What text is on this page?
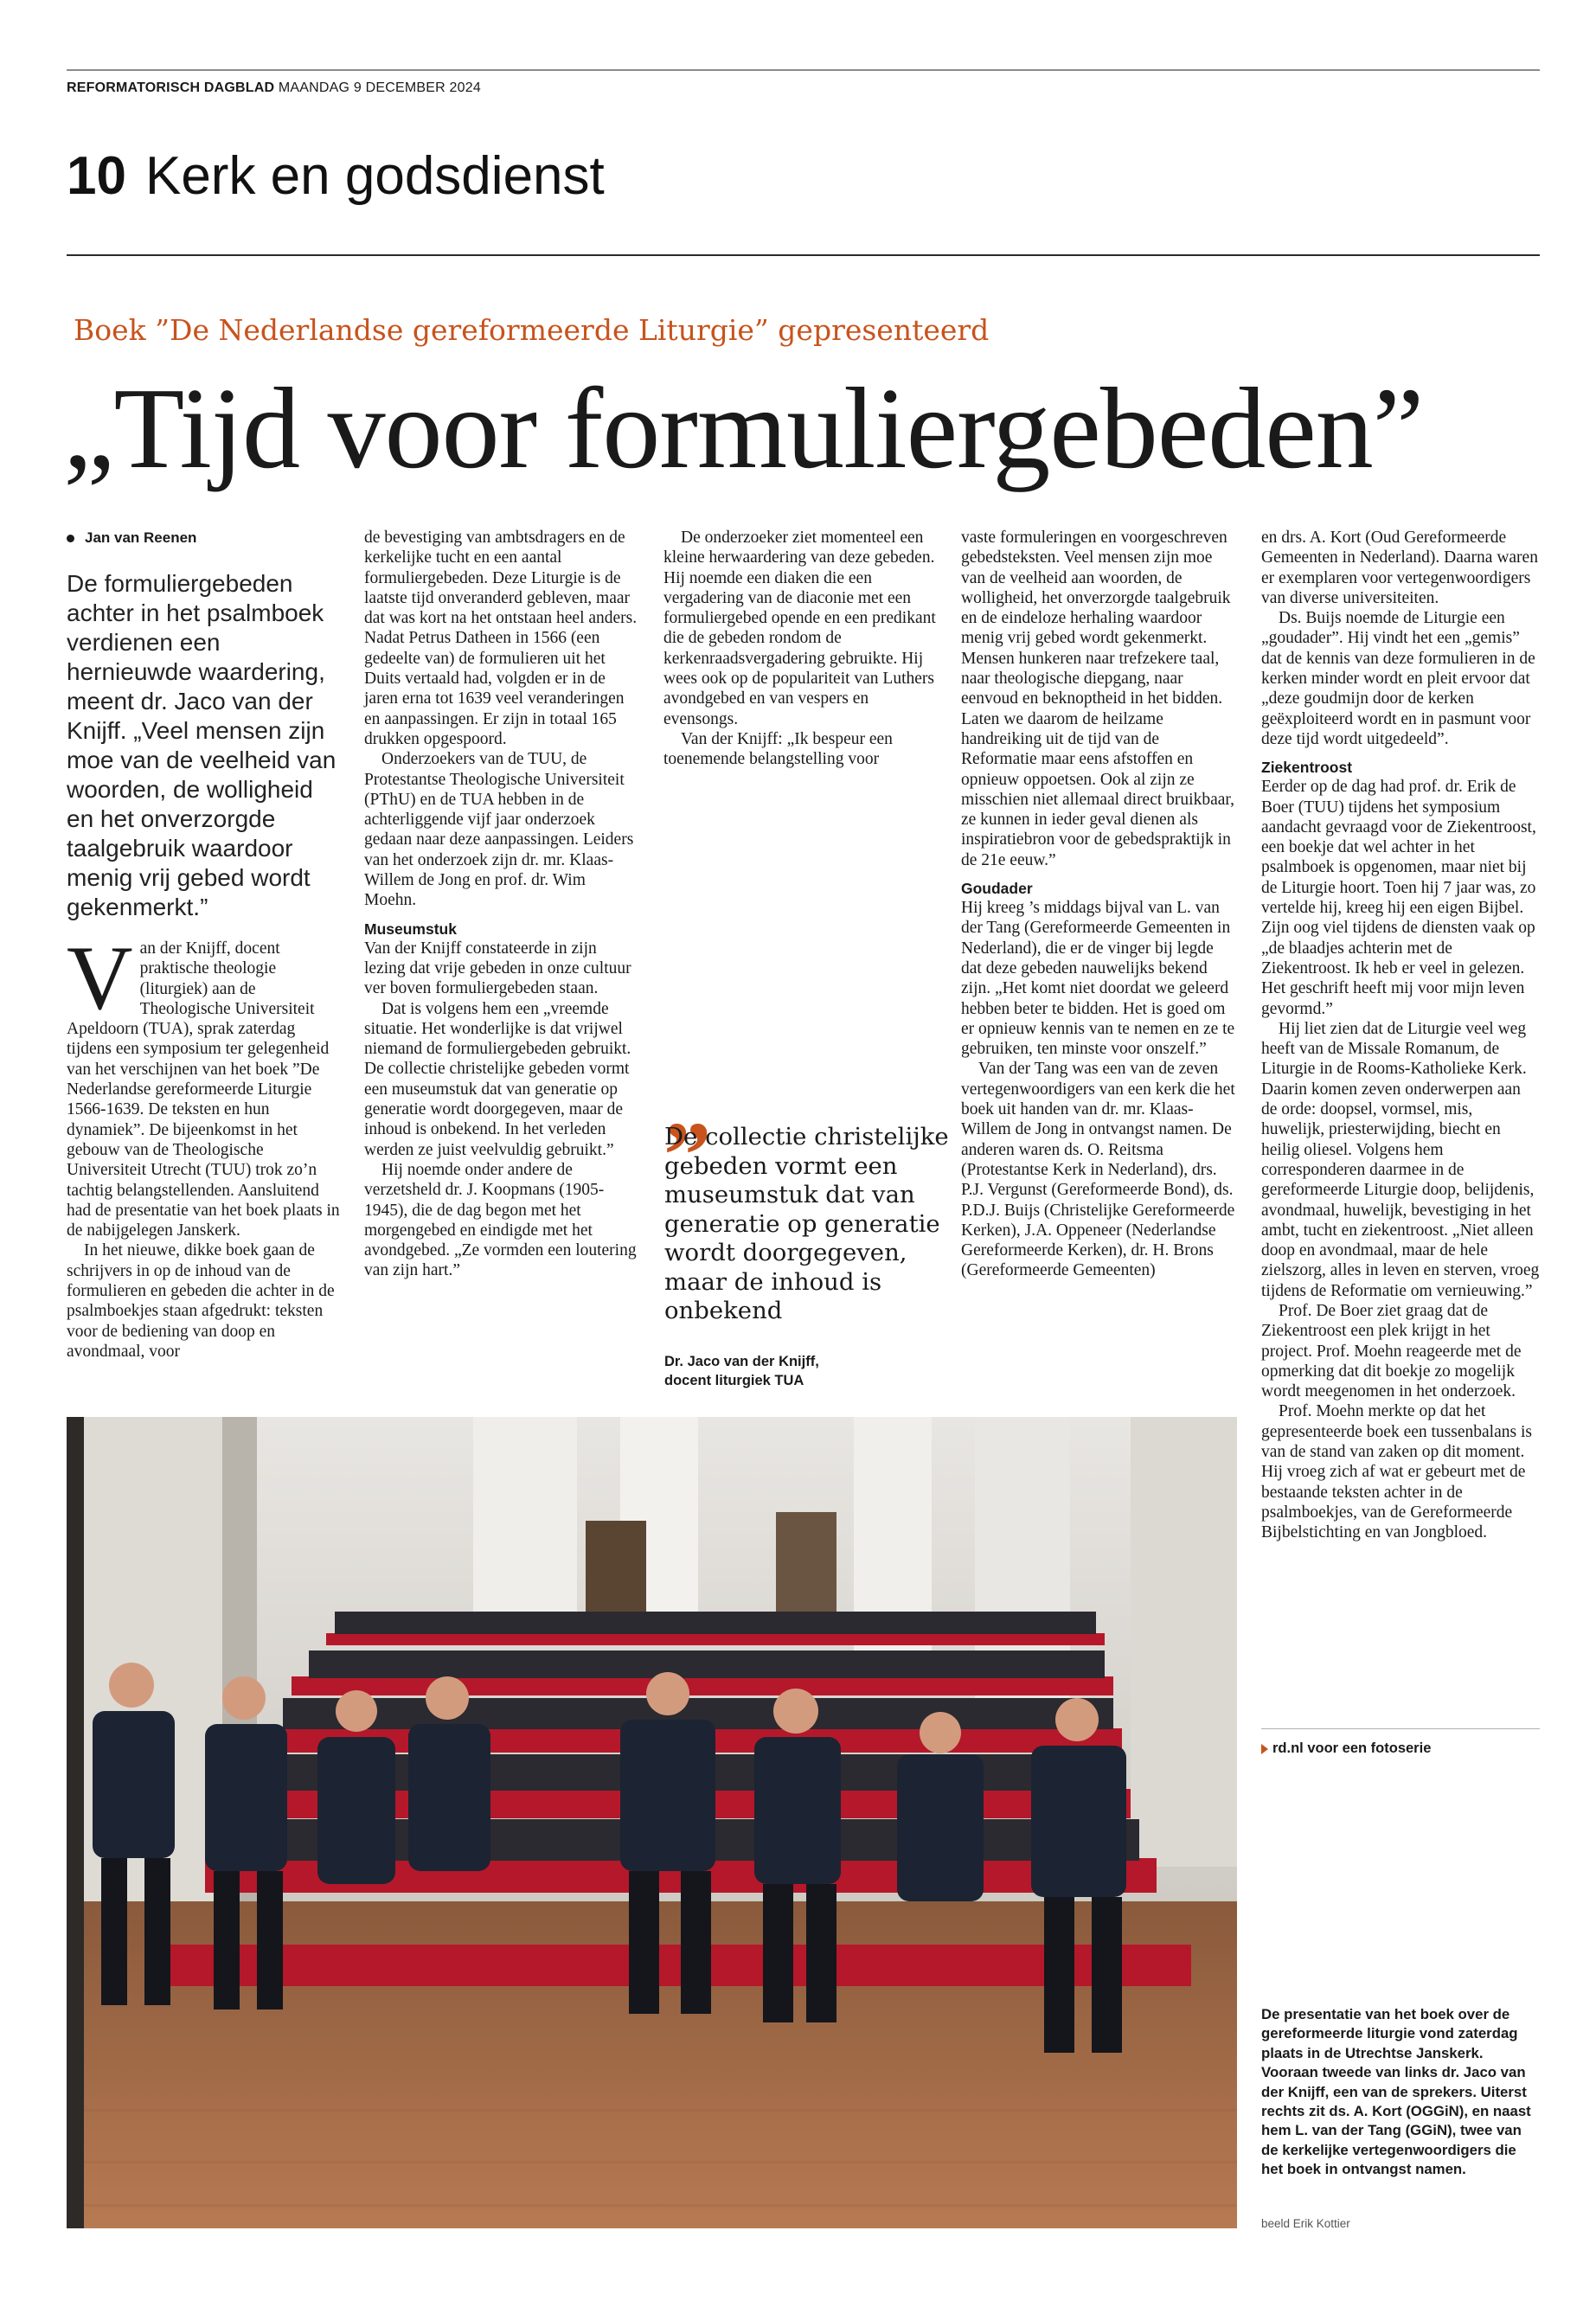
REFORMATORISCH DAGBLAD MAANDAG 9 DECEMBER 2024
10 Kerk en godsdienst
Boek ”De Nederlandse gereformeerde Liturgie” gepresenteerd
„Tijd voor formuliergebeden”
Jan van Reenen
De formuliergebeden achter in het psalmboek verdienen een hernieuwde waardering, meent dr. Jaco van der Knijff. „Veel mensen zijn moe van de veelheid van woorden, de wolligheid en het onverzorgde taalgebruik waardoor menig vrij gebed wordt gekenmerkt.”
V an der Knijff, docent praktische theologie (liturgiek) aan de Theologische Universiteit Apeldoorn (TUA), sprak zaterdag tijdens een symposium ter gelegenheid van het verschijnen van het boek ”De Nederlandse gereformeerde Liturgie 1566-1639. De teksten en hun dynamiek”. De bijeenkomst in het gebouw van de Theologische Universiteit Utrecht (TUU) trok zo’n tachtig belangstellenden. Aansluitend had de presentatie van het boek plaats in de nabijgelegen Janskerk.

In het nieuwe, dikke boek gaan de schrijvers in op de inhoud van de formulieren en gebeden die achter in de psalmboekjes staan afgedrukt: teksten voor de bediening van doop en avondmaal, voor

de bevestiging van ambtsdragers en de kerkelijke tucht en een aantal formuliergebeden. Deze Liturgie is de laatste tijd onveranderd gebleven, maar dat was kort na het ontstaan heel anders. Nadat Petrus Datheen in 1566 (een gedeelte van) de formulieren uit het Duits vertaald had, volgden er in de jaren erna tot 1639 veel veranderingen en aanpassingen. Er zijn in totaal 165 drukken opgespoord.

Onderzoekers van de TUU, de Protestantse Theologische Universiteit (PThU) en de TUA hebben in de achterliggende vijf jaar onderzoek gedaan naar deze aanpassingen. Leiders van het onderzoek zijn dr. mr. Klaas-Willem de Jong en prof. dr. Wim Moehn.

Museumstuk

Van der Knijff constateerde in zijn lezing dat vrije gebeden in onze cultuur ver boven formuliergebeden staan.

Dat is volgens hem een „vreemde situatie. Het wonderlijke is dat vrijwel niemand de formuliergebeden gebruikt. De collectie christelijke gebeden vormt een museumstuk dat van generatie op generatie wordt doorgegeven, maar de inhoud is onbekend. In het verleden werden ze juist veelvuldig gebruikt.”

Hij noemde onder andere de verzetsheld dr. J. Koopmans (1905-1945), die de dag begon met het morgengebed en eindigde met het avondgebed. „Ze vormden een loutering van zijn hart.”

De onderzoeker ziet momenteel een kleine herwaardering van deze gebeden. Hij noemde een diaken die een vergadering van de diaconie met een formuliergebed opende en een predikant die de gebeden rondom de kerkenraadsvergadering gebruikte. Hij wees ook op de populariteit van Luthers avondgebed en van vespers en evensongs.

Van der Knijff: „Ik bespeur een toenemende belangstelling voor

„
De collectie christelijke gebeden vormt een museumstuk dat van generatie op generatie wordt doorgegeven, maar de inhoud is onbekend
Dr. Jaco van der Knijff,
docent liturgiek TUA

vaste formuleringen en voorgeschreven gebedsteksten. Veel mensen zijn moe van de veelheid aan woorden, de wolligheid, het onverzorgde taalgebruik en de eindeloze herhaling waardoor menig vrij gebed wordt gekenmerkt. Mensen hunkeren naar trefzekere taal, naar theologische diepgang, naar eenvoud en beknoptheid in het bidden. Laten we daarom de heilzame handreiking uit de tijd van de Reformatie maar eens afstoffen en opnieuw oppoetsen. Ook al zijn ze misschien niet allemaal direct bruikbaar, ze kunnen in ieder geval dienen als inspiratiebron voor de gebedspraktijk in de 21e eeuw.”

Goudader

Hij kreeg ’s middags bijval van L. van der Tang (Gereformeerde Gemeenten in Nederland), die er de vinger bij legde dat deze gebeden nauwelijks bekend zijn. „Het komt niet doordat we geleerd hebben beter te bidden. Het is goed om er opnieuw kennis van te nemen en ze te gebruiken, ten minste voor onszelf.”

Van der Tang was een van de zeven vertegenwoordigers van een kerk die het boek uit handen van dr. mr. Klaas-Willem de Jong in ontvangst namen. De anderen waren ds. O. Reitsma (Protestantse Kerk in Nederland), drs. P.J. Vergunst (Gereformeerde Bond), ds. P.D.J. Buijs (Christelijke Gereformeerde Kerken), J.A. Oppeneer (Nederlandse Gereformeerde Kerken), dr. H. Brons (Gereformeerde Gemeenten)

en drs. A. Kort (Oud Gereformeerde Gemeenten in Nederland). Daarna waren er exemplaren voor vertegenwoordigers van diverse universiteiten.

Ds. Buijs noemde de Liturgie een „goudader”. Hij vindt het een „gemis” dat de kennis van deze formulieren in de kerken minder wordt en pleit ervoor dat „deze goudmijn door de kerken geëxploiteerd wordt en in pasmunt voor deze tijd wordt uitgedeeld”.

Ziekentroost

Eerder op de dag had prof. dr. Erik de Boer (TUU) tijdens het symposium aandacht gevraagd voor de Ziekentroost, een boekje dat wel achter in het psalmboek is opgenomen, maar niet bij de Liturgie hoort. Toen hij 7 jaar was, zo vertelde hij, kreeg hij een eigen Bijbel. Zijn oog viel tijdens de diensten vaak op „de blaadjes achterin met de Ziekentroost. Ik heb er veel in gelezen. Het geschrift heeft mij voor mijn leven gevormd.”

Hij liet zien dat de Liturgie veel weg heeft van de Missale Romanum, de Liturgie in de Rooms-Katholieke Kerk. Daarin komen zeven onderwerpen aan de orde: doopsel, vormsel, mis, huwelijk, priesterwijding, biecht en heilig oliesel. Volgens hem corresponderen daarmee in de gereformeerde Liturgie doop, belijdenis, avondmaal, huwelijk, bevestiging in het ambt, tucht en ziekentroost. „Niet alleen doop en avondmaal, maar de hele zielszorg, alles in leven en sterven, vroeg tijdens de Reformatie om vernieuwing.”

Prof. De Boer ziet graag dat de Ziekentroost een plek krijgt in het project. Prof. Moehn reageerde met de opmerking dat dit boekje zo mogelijk wordt meegenomen in het onderzoek.

Prof. Moehn merkte op dat het gepresenteerde boek een tussenbalans is van de stand van zaken op dit moment. Hij vroeg zich af wat er gebeurt met de bestaande teksten achter in de psalmboekjes, van de Gereformeerde Bijbelstichting en van Jongbloed.

rd.nl voor een fotoserie
De presentatie van het boek over de gereformeerde liturgie vond zaterdag plaats in de Utrechtse Janskerk. Vooraan tweede van links dr. Jaco van der Knijff, een van de sprekers. Uiterst rechts zit ds. A. Kort (OGGiN), en naast hem L. van der Tang (GGiN), twee van de kerkelijke vertegenwoordigers die het boek in ontvangst namen.
beeld Erik Kottier
